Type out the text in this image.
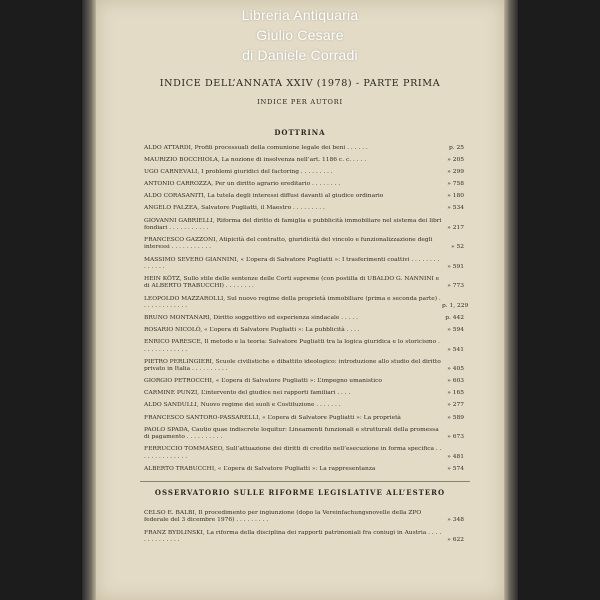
Libreria Antiquaria
Giulio Cesare
di Daniele Corradi
INDICE DELL’ANNATA XXIV (1978) - PARTE PRIMA
INDICE PER AUTORI
DOTTRINA
ALDO ATTARDI, Profili processuali della comunione legale dei beni . . . . . .	p. 25
MAURIZIO BOCCHIOLA, La nozione di insolvenza nell’art. 1186 c. c. . . . .	» 205
UGO CARNEVALI, I problemi giuridici del factoring . . . . . . . . .	» 299
ANTONIO CARROZZA, Per un diritto agrario ereditario . . . . . . . .	» 758
ALDO CORASANITI, La tutela degli interessi diffusi davanti al giudice ordinario	» 180
ANGELO FALZEA, Salvatore Pugliatti, il Maestro . . . . . . . . .	» 534
GIOVANNI GABRIELLI, Riforma del diritto di famiglia e pubblicità immobiliare nel sistema dei libri fondiari . . . . . . . . . . .	» 217
FRANCESCO GAZZONI, Atipicità del contratto, giuridicità del vincolo e funzionalizzazione degli interessi . . . . . . . . . . .	» 52
MASSIMO SEVERO GIANNINI, « L’opera di Salvatore Pugliatti »: I trasferimenti coattivi . . . . . . . . . . . . . .	» 591
HEIN KÖTZ, Sullo stile delle sentenze delle Corti supreme (con postilla di UBALDO G. NANNINI e di ALBERTO TRABUCCHI) . . . . . . . .	» 773
LEOPOLDO MAZZAROLLI, Sul nuovo regime della proprietà immobiliare (prima e seconda parte) . . . . . . . . . . . . .	p. 1, 229
BRUNO MONTANARI, Diritto soggettivo ed esperienza sindacale . . . . .	p. 442
ROSARIO NICOLÒ, « L’opera di Salvatore Pugliatti »: La pubblicità . . . .	» 594
ENRICO PARESCE, Il metodo e la teoria: Salvatore Pugliatti tra la logica giuridica e lo storicismo . . . . . . . . . . . . .	» 541
PIETRO PERLINGIERI, Scuole civilistiche e dibattito ideologico: introduzione allo studio del diritto privato in Italia . . . . . . . . . .	» 405
GIORGIO PETROCCHI, « L’opera di Salvatore Pugliatti »: L’impegno umanistico	» 603
CARMINE PUNZI, L’intervento del giudice nei rapporti familiari . . . .	» 165
ALDO SANDULLI, Nuovo regime dei suoli e Costituzione . . . . . . .	» 277
FRANCESCO SANTORO-PASSARELLI, « L’opera di Salvatore Pugliatti »: La proprietà	» 589
PAOLO SPADA, Cautio quae indiscrete loquitur: Lineamenti funzionali e strutturali della promessa di pagamento . . . . . . . . . .	» 673
FERRUCCIO TOMMASEO, Sull’attuazione dei diritti di credito nell’esecuzione in forma specifica . . . . . . . . . . . . . .	» 481
ALBERTO TRABUCCHI, « L’opera di Salvatore Pugliatti »: La rappresentanza	» 574
OSSERVATORIO SULLE RIFORME LEGISLATIVE ALL’ESTERO
CELSO E. BALBI, Il procedimento per ingiunzione (dopo la Vereinfachungsnovelle della ZPO federale del 3 dicembre 1976) . . . . . . . . .	» 348
FRANZ BYDLINSKI, La riforma della disciplina dei rapporti patrimoniali fra coniugi in Austria . . . . . . . . . . . . . .	» 622
